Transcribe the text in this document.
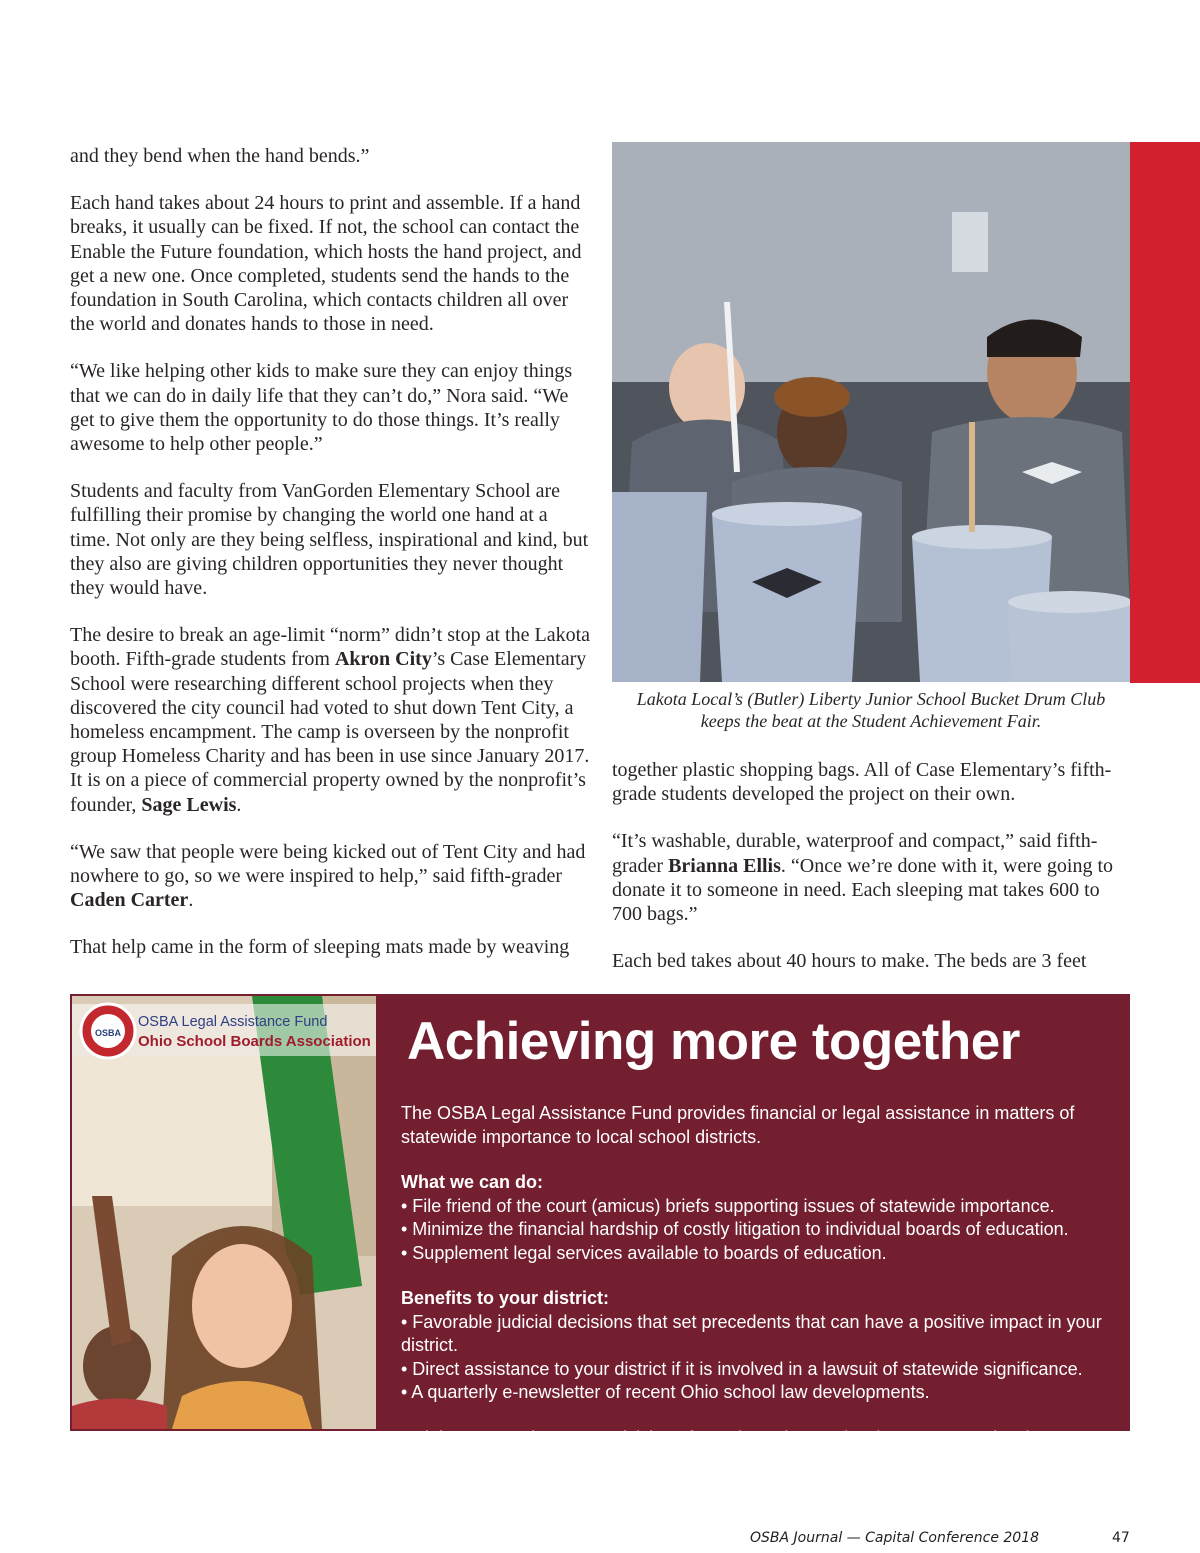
and they bend when the hand bends.”

Each hand takes about 24 hours to print and assemble. If a hand breaks, it usually can be fixed. If not, the school can contact the Enable the Future foundation, which hosts the hand project, and get a new one. Once completed, students send the hands to the foundation in South Carolina, which contacts children all over the world and donates hands to those in need.

“We like helping other kids to make sure they can enjoy things that we can do in daily life that they can’t do,” Nora said. “We get to give them the opportunity to do those things. It’s really awesome to help other people.”

Students and faculty from VanGorden Elementary School are fulfilling their promise by changing the world one hand at a time. Not only are they being selfless, inspirational and kind, but they also are giving children opportunities they never thought they would have.

The desire to break an age-limit “norm” didn’t stop at the Lakota booth. Fifth-grade students from Akron City’s Case Elementary School were researching different school projects when they discovered the city council had voted to shut down Tent City, a homeless encampment. The camp is overseen by the nonprofit group Homeless Charity and has been in use since January 2017. It is on a piece of commercial property owned by the nonprofit’s founder, Sage Lewis.

“We saw that people were being kicked out of Tent City and had nowhere to go, so we were inspired to help,” said fifth-grader Caden Carter.

That help came in the form of sleeping mats made by weaving

Lakota Local’s (Butler) Liberty Junior School Bucket Drum Club
keeps the beat at the Student Achievement Fair.

together plastic shopping bags. All of Case Elementary’s fifth-grade students developed the project on their own.

“It’s washable, durable, waterproof and compact,” said fifth-grader Brianna Ellis. “Once we’re done with it, were going to donate it to someone in need. Each sleeping mat takes 600 to 700 bags.”

Each bed takes about 40 hours to make. The beds are 3 feet

OSBA
OSBA Legal Assistance Fund
Ohio School Boards Association Achieving more together

The OSBA Legal Assistance Fund provides financial or legal assistance in matters of statewide importance to local school districts.

What we can do:
• File friend of the court (amicus) briefs supporting issues of statewide importance.
• Minimize the financial hardship of costly litigation to individual boards of education.
• Supplement legal services available to boards of education.

Benefits to your district:
• Favorable judicial decisions that set precedents that can have a positive impact in your district.
• Direct assistance to your district if it is involved in a lawsuit of statewide significance.
• A quarterly e-newsletter of recent Ohio school law developments.

To join, contact the OSBA Division of Legal Services at (614) 540-4000 or (800) 589-OSBA.

OSBA Journal — Capital Conference 2018	47
